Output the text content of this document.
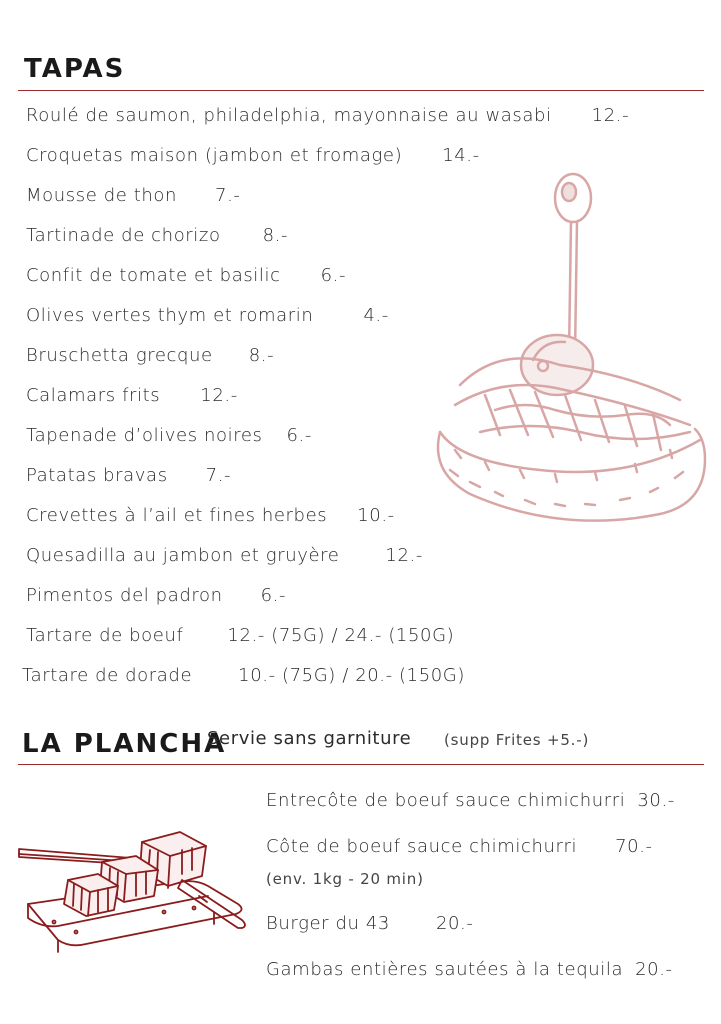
TAPAS
Roulé de saumon, philadelphia, mayonnaise au wasabi 12.-
Croquetas maison (jambon et fromage) 14.-
Mousse de thon 7.-
Tartinade de chorizo 8.-
Confit de tomate et basilic 6.-
Olives vertes thym et romarin	4.-
Bruschetta grecque 8.-
Calamars frits 12.-
Tapenade d’olives noires 6.-
Patatas bravas 7.-
Crevettes à l’ail et fines herbes 10.-
Quesadilla au jambon et gruyère	12.-
Pimentos del padron 6.-
Tartare de boeuf 12.- (75G) / 24.- (150G)
Tartare de dorade	10.- (75G) / 20.- (150G)
LA PLANCHA
Servie sans garniture (supp Frites +5.-)
Entrecôte de boeuf sauce chimichurri 30.-
Côte de boeuf sauce chimichurri 70.-
(env. 1kg - 20 min)
Burger du 43	20.-
Gambas entières sautées à la tequila 20.-
